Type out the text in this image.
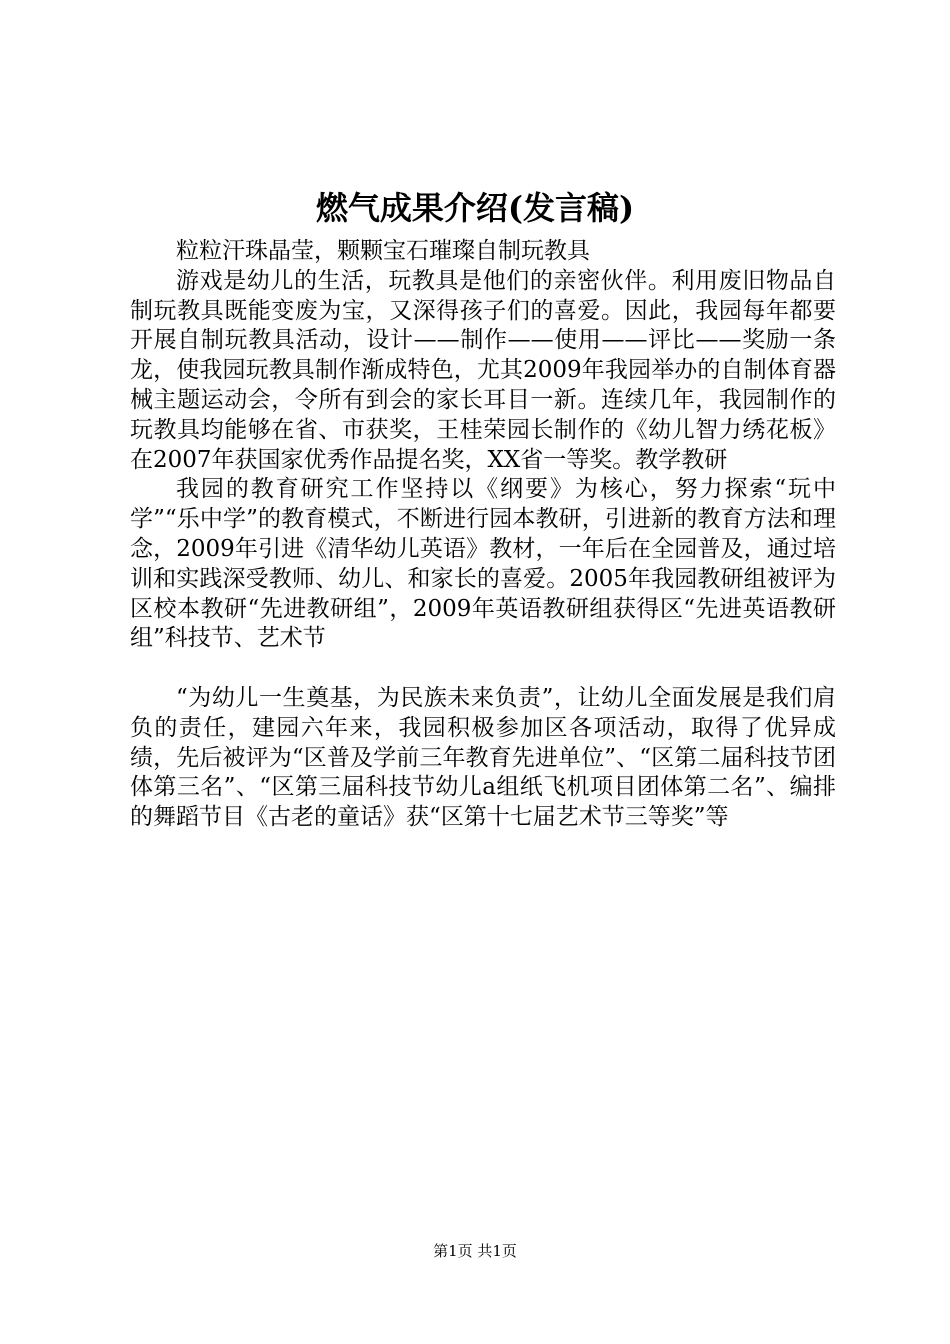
燃气成果介绍(发言稿)

粒粒汗珠晶莹，颗颗宝石璀璨自制玩教具

游戏是幼儿的生活，玩教具是他们的亲密伙伴。利用废旧物品自制玩教具既能变废为宝，又深得孩子们的喜爱。因此，我园每年都要开展自制玩教具活动，设计——制作——使用——评比——奖励一条龙，使我园玩教具制作渐成特色，尤其2009年我园举办的自制体育器械主题运动会，令所有到会的家长耳目一新。连续几年，我园制作的玩教具均能够在省、市获奖，王桂荣园长制作的《幼儿智力绣花板》在2007年获国家优秀作品提名奖，XX省一等奖。教学教研

我园的教育研究工作坚持以《纲要》为核心，努力探索“玩中学”“乐中学”的教育模式，不断进行园本教研，引进新的教育方法和理念，2009年引进《清华幼儿英语》教材，一年后在全园普及，通过培训和实践深受教师、幼儿、和家长的喜爱。2005年我园教研组被评为区校本教研“先进教研组”，2009年英语教研组获得区“先进英语教研组”科技节、艺术节

“为幼儿一生奠基，为民族未来负责”，让幼儿全面发展是我们肩负的责任，建园六年来，我园积极参加区各项活动，取得了优异成绩，先后被评为“区普及学前三年教育先进单位”、“区第二届科技节团体第三名”、“区第三届科技节幼儿a组纸飞机项目团体第二名”、编排的舞蹈节目《古老的童话》获“区第十七届艺术节三等奖”等

第1页 共1页
